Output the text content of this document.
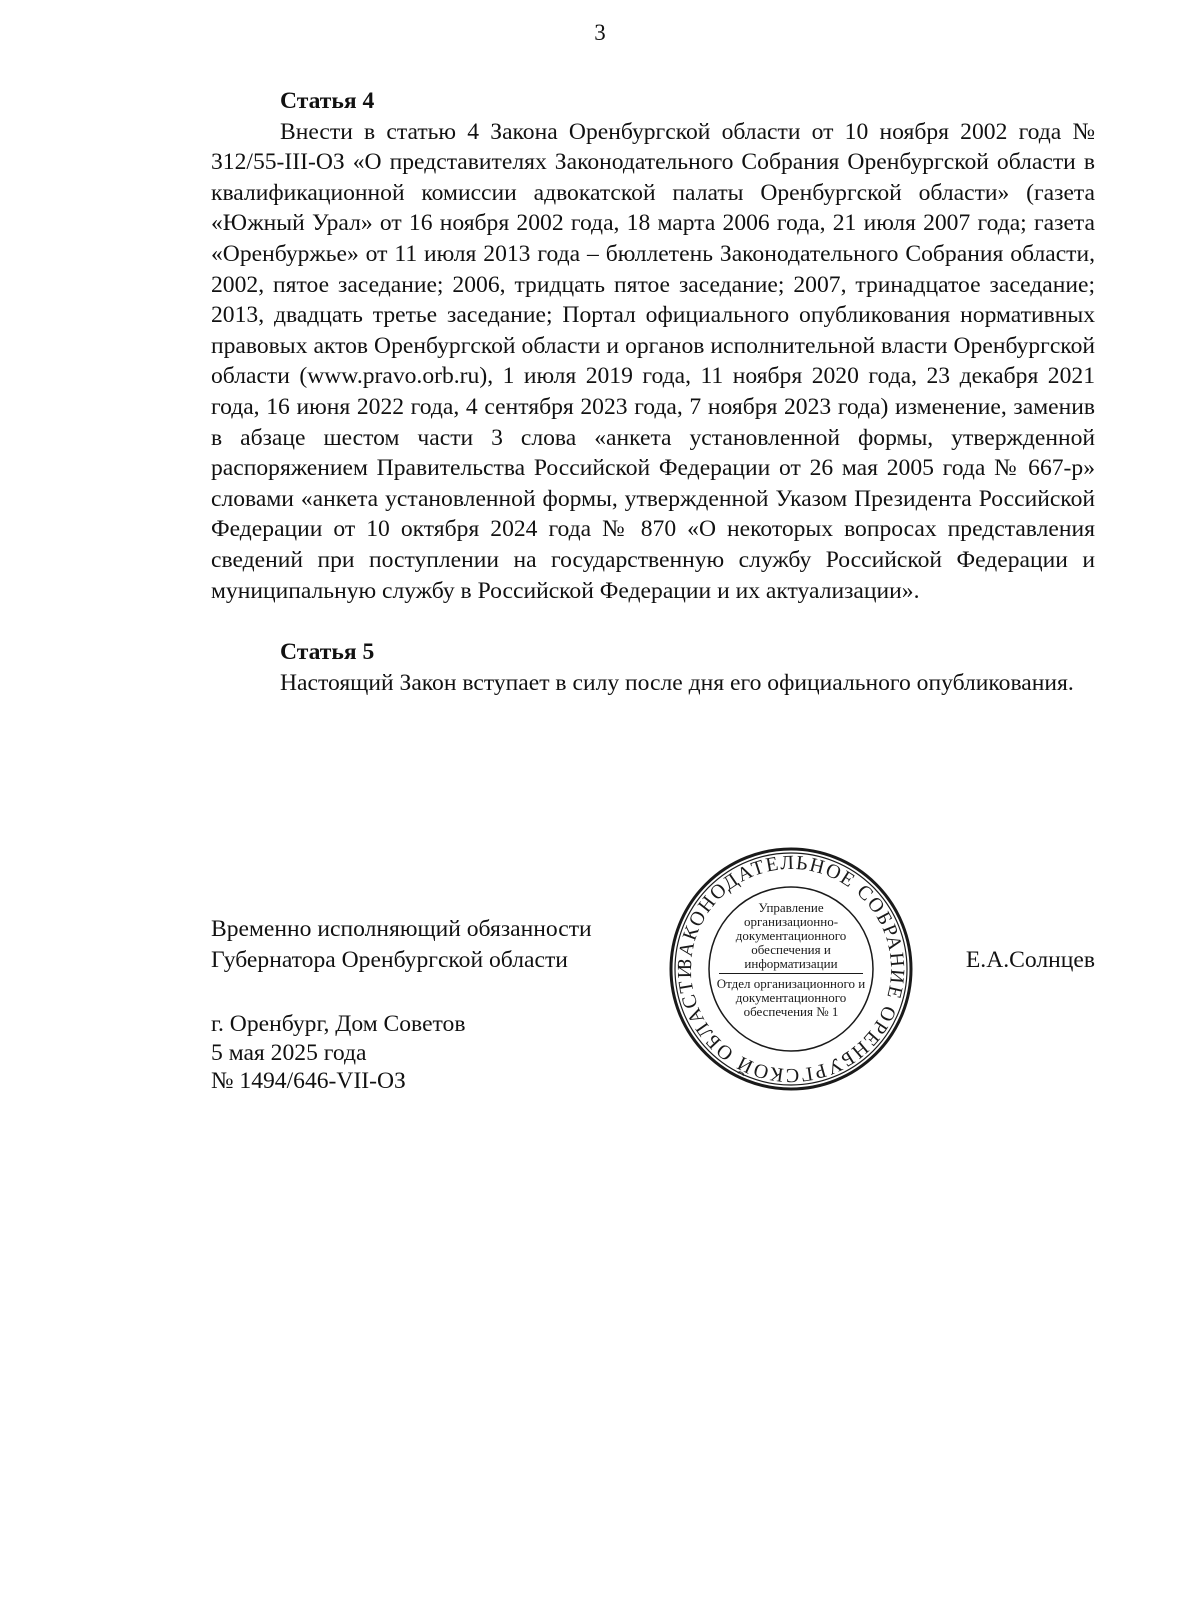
3
Статья 4

Внести в статью 4 Закона Оренбургской области от 10 ноября 2002 года № 312/55-III-ОЗ «О представителях Законодательного Собрания Оренбургской области в квалификационной комиссии адвокатской палаты Оренбургской области» (газета «Южный Урал» от 16 ноября 2002 года, 18 марта 2006 года, 21 июля 2007 года; газета «Оренбуржье» от 11 июля 2013 года – бюллетень Законодательного Собрания области, 2002, пятое заседание; 2006, тридцать пятое заседание; 2007, тринадцатое заседание; 2013, двадцать третье заседание; Портал официального опубликования нормативных правовых актов Оренбургской области и органов исполнительной власти Оренбургской области (www.pravo.orb.ru), 1 июля 2019 года, 11 ноября 2020 года, 23 декабря 2021 года, 16 июня 2022 года, 4 сентября 2023 года, 7 ноября 2023 года) изменение, заменив в абзаце шестом части 3 слова «анкета установленной формы, утвержденной распоряжением Правительства Российской Федерации от 26 мая 2005 года № 667-р» словами «анкета установленной формы, утвержденной Указом Президента Российской Федерации от 10 октября 2024 года № 870 «О некоторых вопросах представления сведений при поступлении на государственную службу Российской Федерации и муниципальную службу в Российской Федерации и их актуализации».

Статья 5

Настоящий Закон вступает в силу после дня его официального опубликования.

Временно исполняющий обязанности
Губернатора Оренбургской области	Е.А.Солнцев
г. Оренбург, Дом Советов
5 мая 2025 года
№ 1494/646-VII-ОЗ
ЗАКОНОДАТЕЛЬНОЕ СОБРАНИЕ ОРЕНБУРГСКОЙ ОБЛАСТИ
Управление организационно-документационного обеспечения и информатизации
Отдел организационного и документационного обеспечения № 1
